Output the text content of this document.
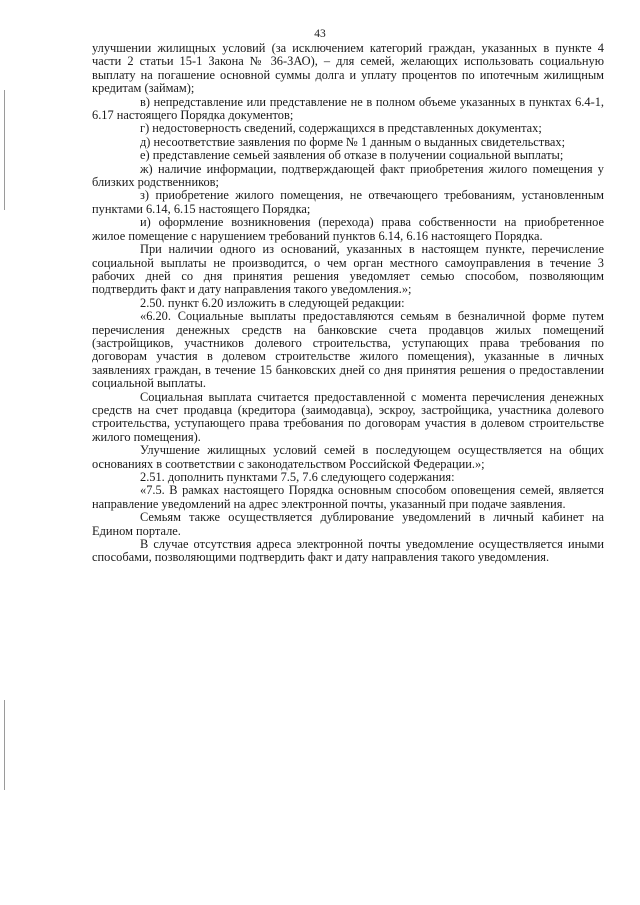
43

улучшении жилищных условий (за исключением категорий граждан, указанных в пункте 4 части 2 статьи 15-1 Закона № 36-ЗАО), – для семей, желающих использовать социальную выплату на погашение основной суммы долга и уплату процентов по ипотечным жилищным кредитам (займам);

в) непредставление или представление не в полном объеме указанных в пунктах 6.4-1, 6.17 настоящего Порядка документов;

г) недостоверность сведений, содержащихся в представленных документах;

д) несоответствие заявления по форме № 1 данным о выданных свидетельствах;

е) представление семьей заявления об отказе в получении социальной выплаты;

ж) наличие информации, подтверждающей факт приобретения жилого помещения у близких родственников;

з) приобретение жилого помещения, не отвечающего требованиям, установленным пунктами 6.14, 6.15 настоящего Порядка;

и) оформление возникновения (перехода) права собственности на приобретенное жилое помещение с нарушением требований пунктов 6.14, 6.16 настоящего Порядка.

При наличии одного из оснований, указанных в настоящем пункте, перечисление социальной выплаты не производится, о чем орган местного самоуправления в течение 3 рабочих дней со дня принятия решения уведомляет семью способом, позволяющим подтвердить факт и дату направления такого уведомления.»;

2.50. пункт 6.20 изложить в следующей редакции:

«6.20. Социальные выплаты предоставляются семьям в безналичной форме путем перечисления денежных средств на банковские счета продавцов жилых помещений (застройщиков, участников долевого строительства, уступающих права требования по договорам участия в долевом строительстве жилого помещения), указанные в личных заявлениях граждан, в течение 15 банковских дней со дня принятия решения о предоставлении социальной выплаты.

Социальная выплата считается предоставленной с момента перечисления денежных средств на счет продавца (кредитора (заимодавца), эскроу, застройщика, участника долевого строительства, уступающего права требования по договорам участия в долевом строительстве жилого помещения).

Улучшение жилищных условий семей в последующем осуществляется на общих основаниях в соответствии с законодательством Российской Федерации.»;

2.51. дополнить пунктами 7.5, 7.6 следующего содержания:

«7.5. В рамках настоящего Порядка основным способом оповещения семей, является направление уведомлений на адрес электронной почты, указанный при подаче заявления.

Семьям также осуществляется дублирование уведомлений в личный кабинет на Едином портале.

В случае отсутствия адреса электронной почты уведомление осуществляется иными способами, позволяющими подтвердить факт и дату направления такого уведомления.
